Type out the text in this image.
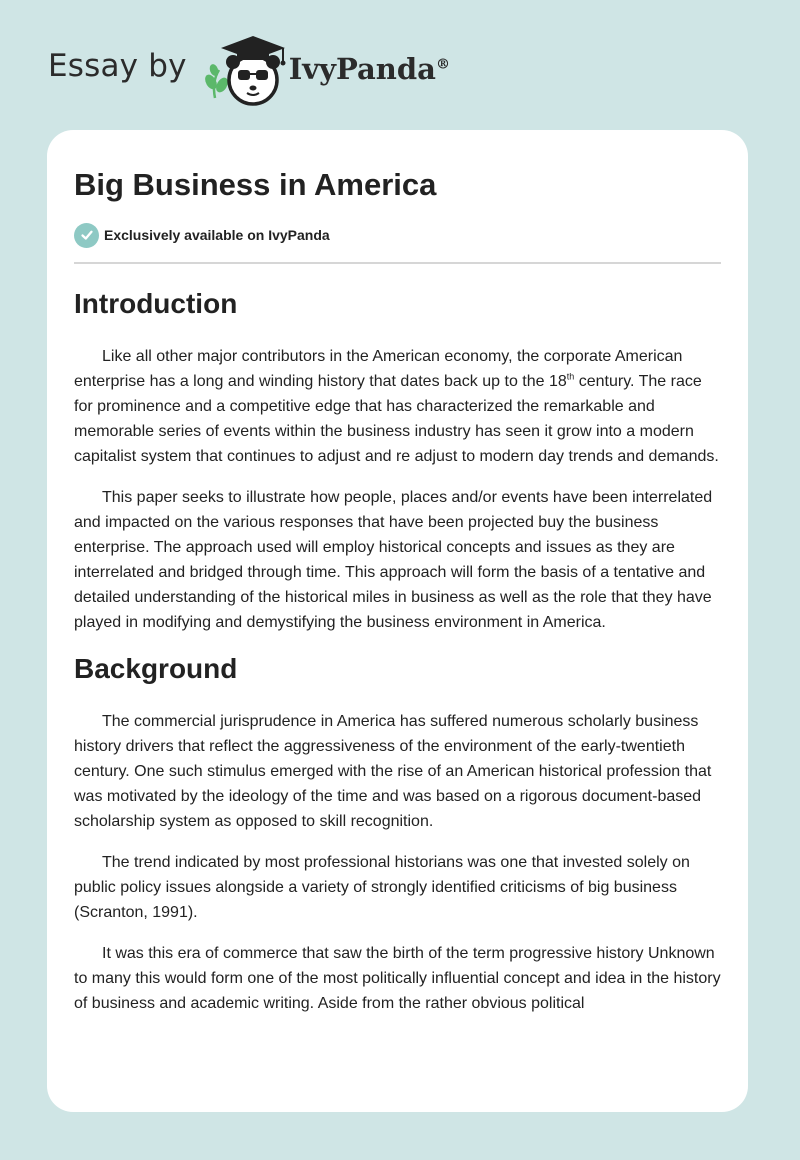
Essay by	IvyPanda®
Big Business in America
Exclusively available on IvyPanda
Introduction

Like all other major contributors in the American economy, the corporate American enterprise has a long and winding history that dates back up to the 18th century. The race for prominence and a competitive edge that has characterized the remarkable and memorable series of events within the business industry has seen it grow into a modern capitalist system that continues to adjust and re adjust to modern day trends and demands.

This paper seeks to illustrate how people, places and/or events have been interrelated and impacted on the various responses that have been projected buy the business enterprise. The approach used will employ historical concepts and issues as they are interrelated and bridged through time. This approach will form the basis of a tentative and detailed understanding of the historical miles in business as well as the role that they have played in modifying and demystifying the business environment in America.

Background

The commercial jurisprudence in America has suffered numerous scholarly business history drivers that reflect the aggressiveness of the environment of the early-twentieth century. One such stimulus emerged with the rise of an American historical profession that was motivated by the ideology of the time and was based on a rigorous document-based scholarship system as opposed to skill recognition.

The trend indicated by most professional historians was one that invested solely on public policy issues alongside a variety of strongly identified criticisms of big business (Scranton, 1991).

It was this era of commerce that saw the birth of the term progressive history Unknown to many this would form one of the most politically influential concept and idea in the history of business and academic writing. Aside from the rather obvious political
